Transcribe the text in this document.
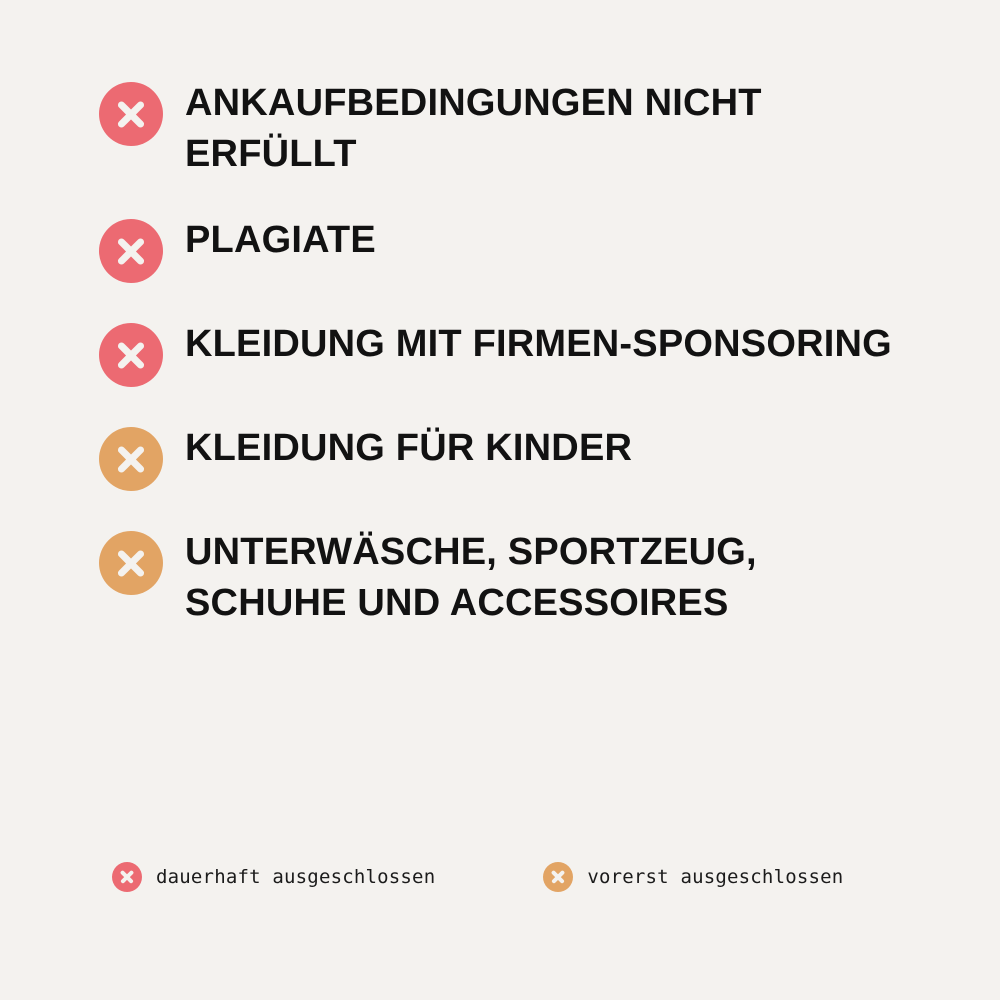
ANKAUFBEDINGUNGEN NICHT ERFÜLLT
PLAGIATE
KLEIDUNG MIT FIRMEN-SPONSORING
KLEIDUNG FÜR KINDER
UNTERWÄSCHE, SPORTZEUG, SCHUHE UND ACCESSOIRES
dauerhaft ausgeschlossen	vorerst ausgeschlossen
